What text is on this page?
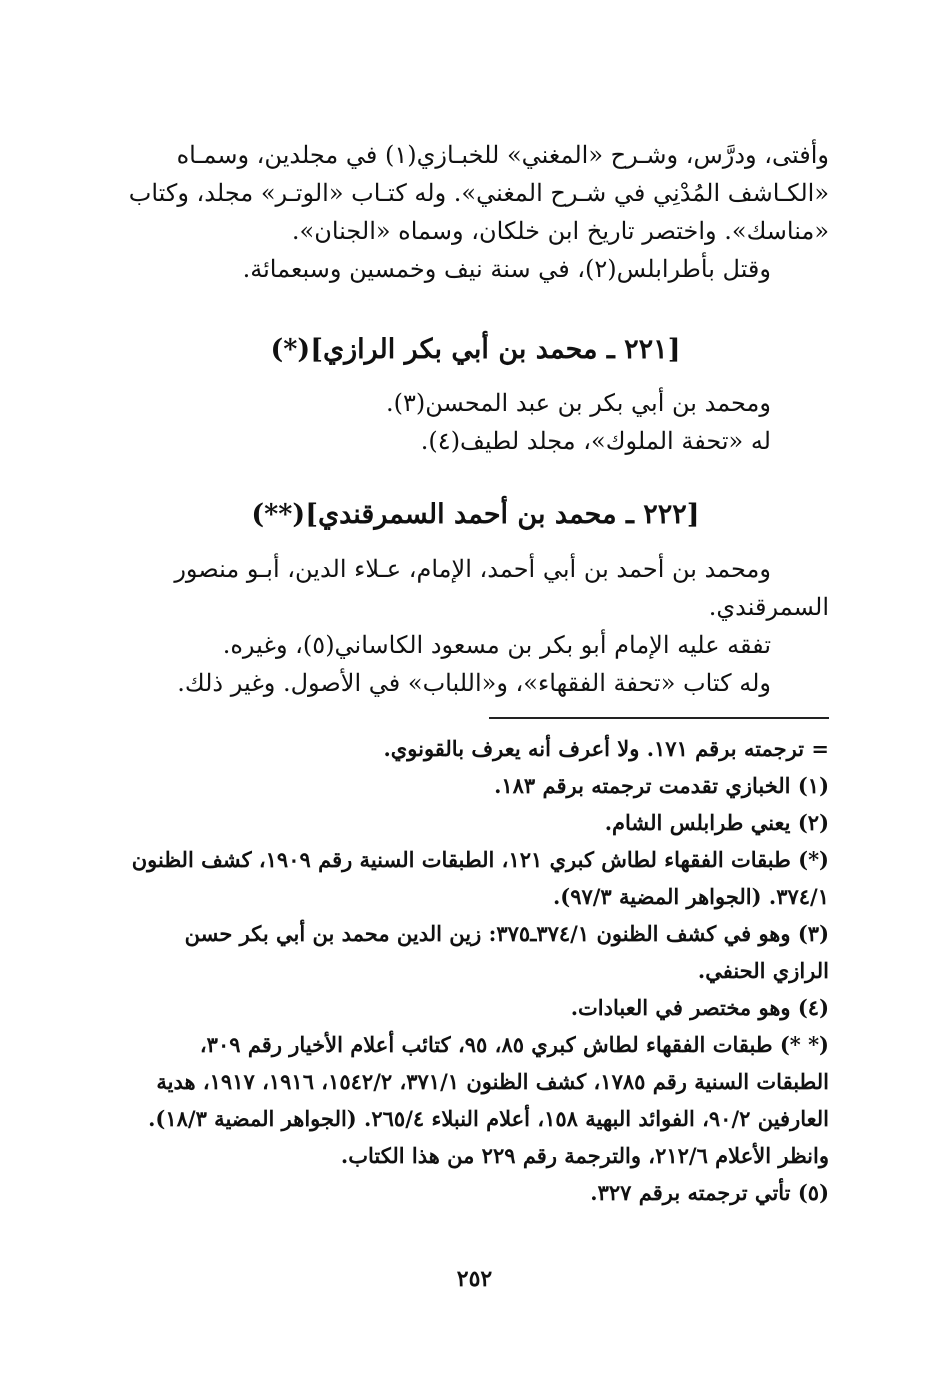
وأفتى، ودرَّس، وشـرح «المغني» للخبـازي(١) في مجلدين، وسمـاه

«الكـاشف المُدْنِي في شـرح المغني». وله كتـاب «الوتـر» مجلد، وكتاب

«مناسك». واختصر تاريخ ابن خلكان، وسماه «الجنان».

وقتل بأطرابلس(٢)، في سنة نيف وخمسين وسبعمائة.

[٢٢١ ـ محمد بن أبي بكر الرازي](*)

ومحمد بن أبي بكر بن عبد المحسن(٣).

له «تحفة الملوك»، مجلد لطيف(٤).

[٢٢٢ ـ محمد بن أحمد السمرقندي](**)

ومحمد بن أحمد بن أبي أحمد، الإمام، عـلاء الدين، أبـو منصور

السمرقندي.

تفقه عليه الإمام أبو بكر بن مسعود الكاساني(٥)، وغيره.

وله كتاب «تحفة الفقهاء»، و«اللباب» في الأصول. وغير ذلك.

= ترجمته برقم ١٧١. ولا أعرف أنه يعرف بالقونوي.

(١) الخبازي تقدمت ترجمته برقم ١٨٣.

(٢) يعني طرابلس الشام.

(*) طبقات الفقهاء لطاش كبري ١٢١، الطبقات السنية رقم ١٩٠٩، كشف الظنون ٣٧٤/١. (الجواهر المضية ٩٧/٣).

(٣) وهو في كشف الظنون ٣٧٤/١ـ٣٧٥: زين الدين محمد بن أبي بكر حسن الرازي الحنفي.

(٤) وهو مختصر في العبادات.

(* *) طبقات الفقهاء لطاش كبري ٨٥، ٩٥، كتائب أعلام الأخيار رقم ٣٠٩، الطبقات السنية رقم ١٧٨٥، كشف الظنون ٣٧١/١، ١٥٤٢/٢، ١٩١٦، ١٩١٧، هدية العارفين ٩٠/٢، الفوائد البهية ١٥٨، أعلام النبلاء ٢٦٥/٤. (الجواهر المضية ١٨/٣). وانظر الأعلام ٢١٢/٦، والترجمة رقم ٢٢٩ من هذا الكتاب.

(٥) تأتي ترجمته برقم ٣٢٧.

٢٥٢
